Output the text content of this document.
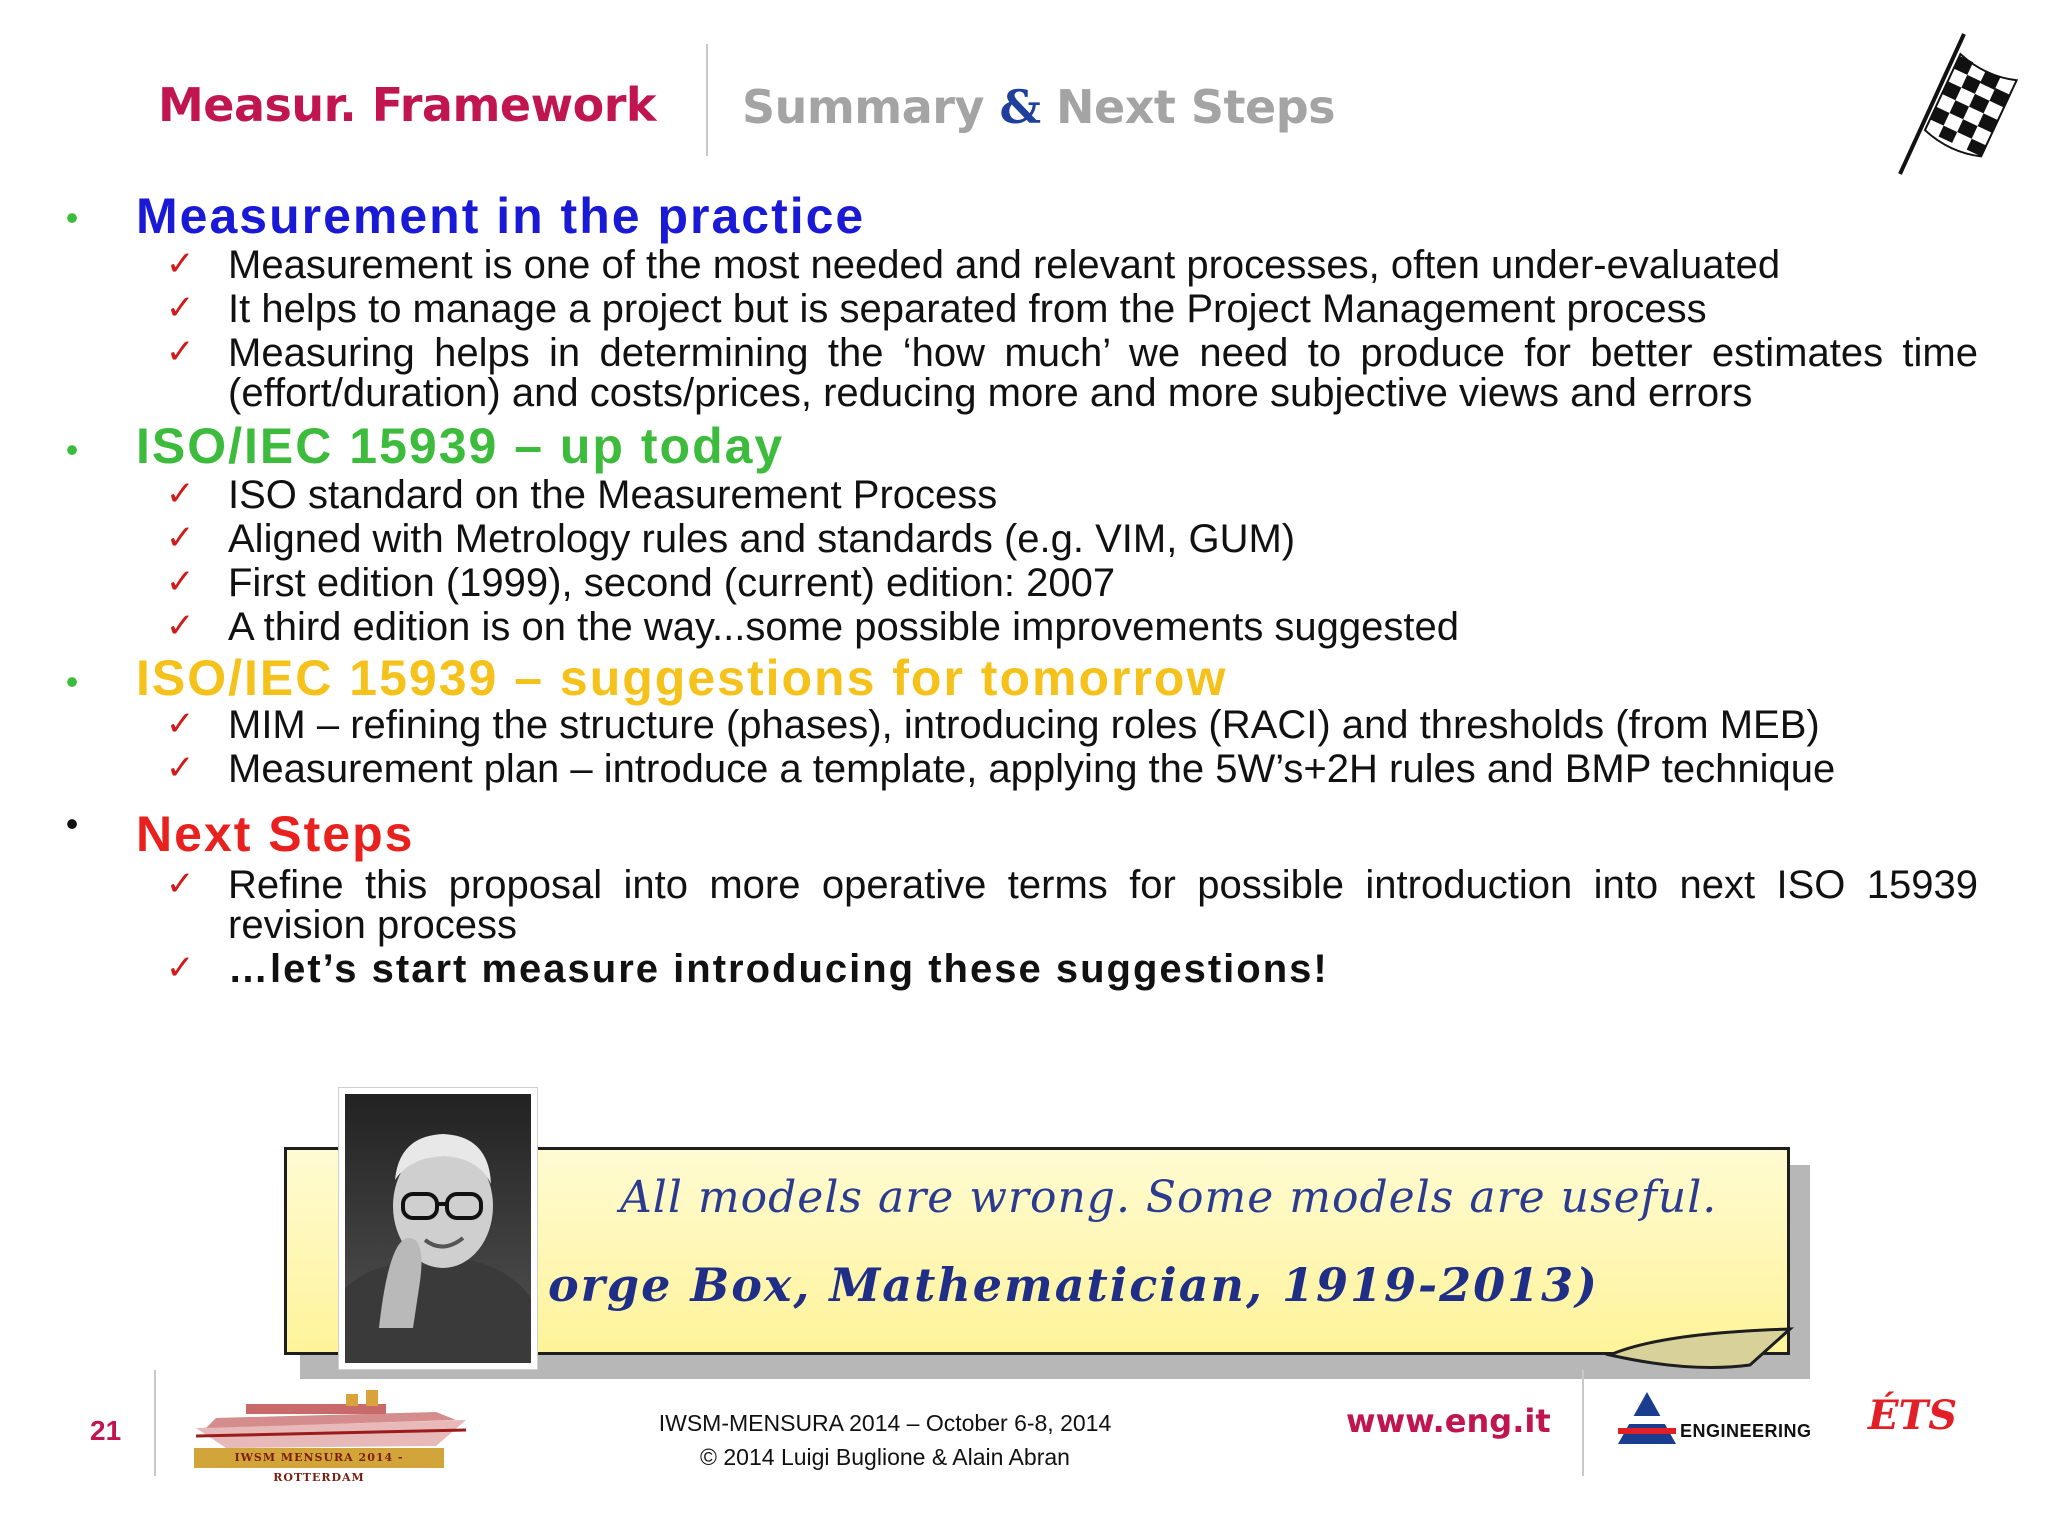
Measur. Framework Summary & Next Steps
• Measurement in the practice
✓ Measurement is one of the most needed and relevant processes, often under-evaluated
✓ It helps to manage a project but is separated from the Project Management process
✓ Measuring helps in determining the ‘how much’ we need to produce for better estimates time (effort/duration) and costs/prices, reducing more and more subjective views and errors
• ISO/IEC 15939 – up today
✓ ISO standard on the Measurement Process
✓ Aligned with Metrology rules and standards (e.g. VIM, GUM)
✓ First edition (1999), second (current) edition: 2007
✓ A third edition is on the way...some possible improvements suggested
• ISO/IEC 15939 – suggestions for tomorrow
✓ MIM – refining the structure (phases), introducing roles (RACI) and thresholds (from MEB)
✓ Measurement plan – introduce a template, applying the 5W’s+2H rules and BMP technique
• Next Steps
✓ Refine this proposal into more operative terms for possible introduction into next ISO 15939 revision process
✓ …let’s start measure introducing these suggestions!
All models are wrong. Some models are useful.
orge Box, Mathematician, 1919-2013)
21
IWSM MENSURA 2014 - ROTTERDAM
IWSM-MENSURA 2014 – October 6-8, 2014
© 2014 Luigi Buglione & Alain Abran
www.eng.it	ENGINEERING ÉTS
